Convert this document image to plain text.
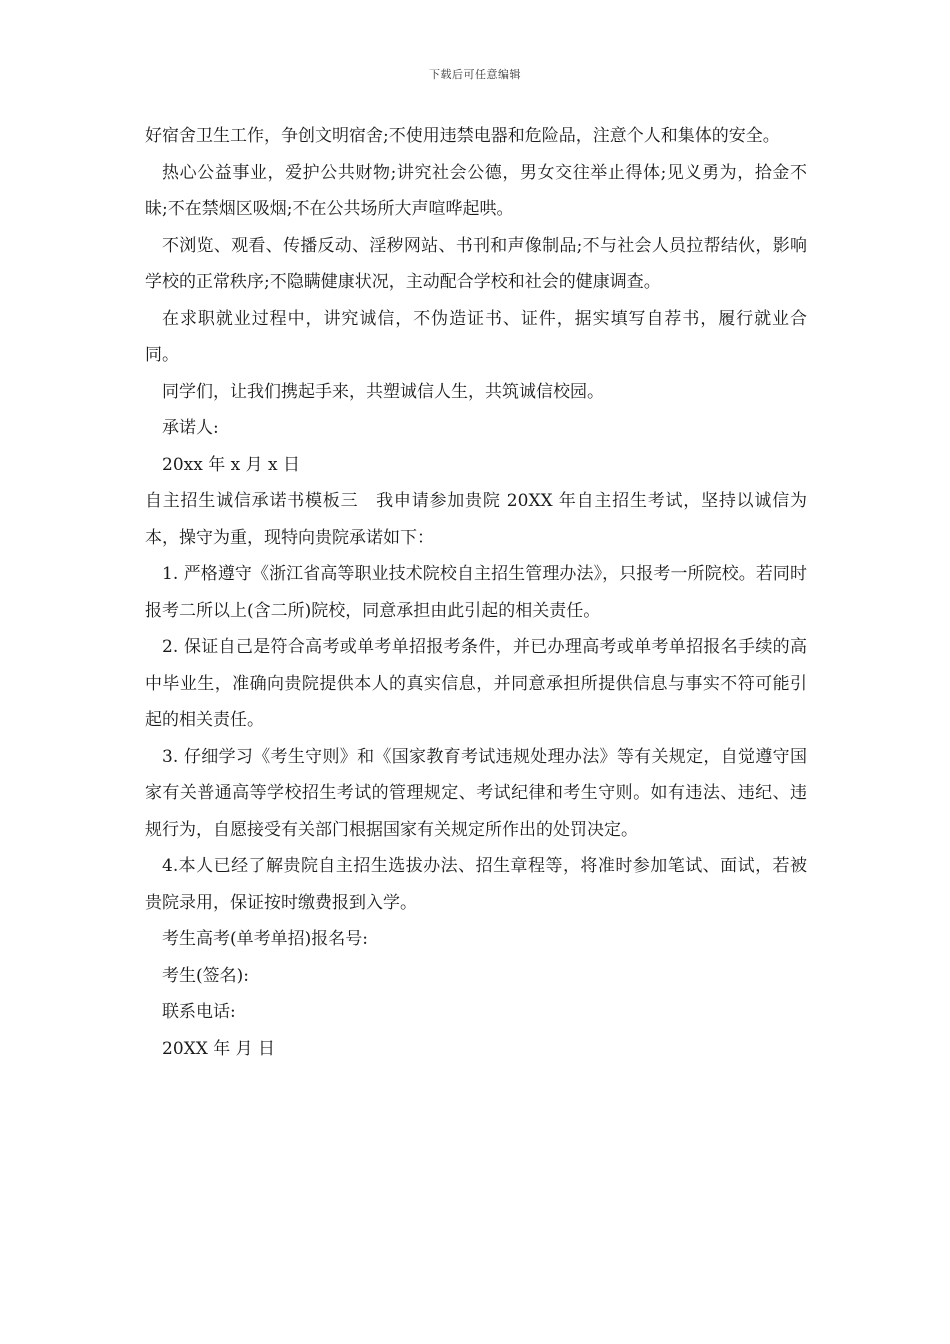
下载后可任意编辑

好宿舍卫生工作，争创文明宿舍;不使用违禁电器和危险品，注意个人和集体的安全。

热心公益事业，爱护公共财物;讲究社会公德，男女交往举止得体;见义勇为，拾金不昧;不在禁烟区吸烟;不在公共场所大声喧哗起哄。

不浏览、观看、传播反动、淫秽网站、书刊和声像制品;不与社会人员拉帮结伙，影响学校的正常秩序;不隐瞒健康状况，主动配合学校和社会的健康调查。

在求职就业过程中，讲究诚信，不伪造证书、证件，据实填写自荐书，履行就业合同。

同学们，让我们携起手来，共塑诚信人生，共筑诚信校园。

承诺人:

20xx 年 x 月 x 日

自主招生诚信承诺书模板三　我申请参加贵院 20XX 年自主招生考试，坚持以诚信为本，操守为重，现特向贵院承诺如下：

1. 严格遵守《浙江省高等职业技术院校自主招生管理办法》，只报考一所院校。若同时报考二所以上(含二所)院校，同意承担由此引起的相关责任。

2. 保证自己是符合高考或单考单招报考条件，并已办理高考或单考单招报名手续的高中毕业生，准确向贵院提供本人的真实信息，并同意承担所提供信息与事实不符可能引起的相关责任。

3. 仔细学习《考生守则》和《国家教育考试违规处理办法》等有关规定，自觉遵守国家有关普通高等学校招生考试的管理规定、考试纪律和考生守则。如有违法、违纪、违规行为，自愿接受有关部门根据国家有关规定所作出的处罚决定。

4.本人已经了解贵院自主招生选拔办法、招生章程等，将准时参加笔试、面试，若被贵院录用，保证按时缴费报到入学。

考生高考(单考单招)报名号:

考生(签名):

联系电话:

20XX 年 月 日
